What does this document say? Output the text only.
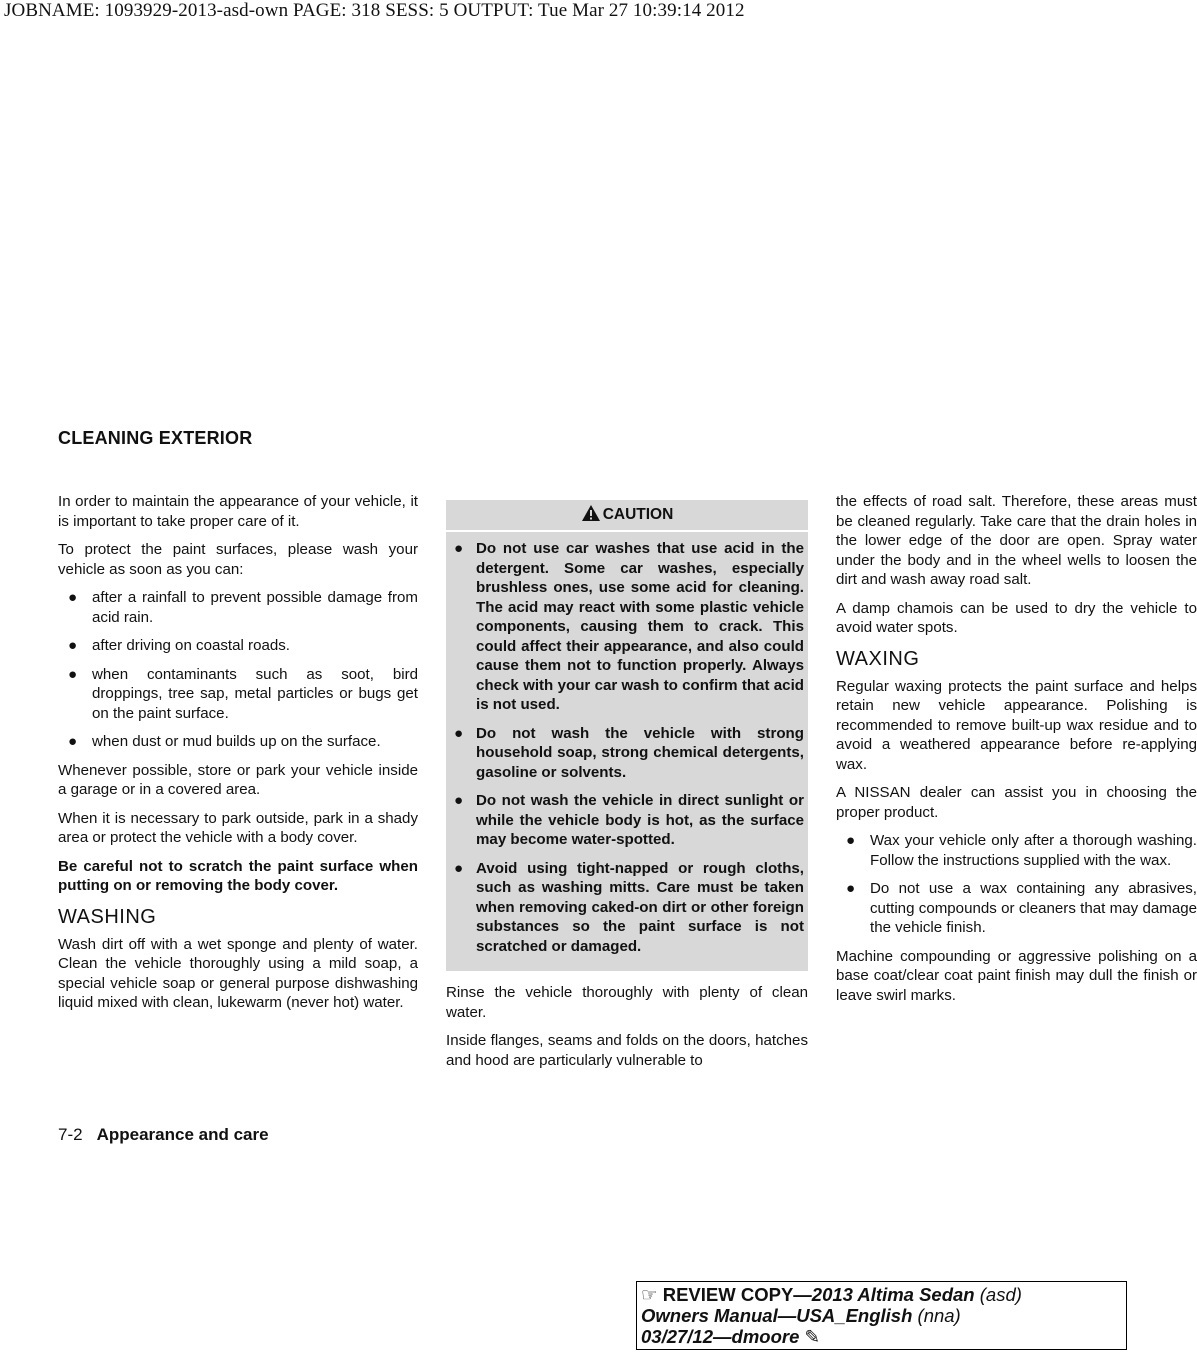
JOBNAME: 1093929-2013-asd-own PAGE: 318 SESS: 5 OUTPUT: Tue Mar 27 10:39:14 2012
CLEANING EXTERIOR

In order to maintain the appearance of your vehicle, it is important to take proper care of it.

To protect the paint surfaces, please wash your vehicle as soon as you can:

● after a rainfall to prevent possible damage from acid rain.
● after driving on coastal roads.
● when contaminants such as soot, bird droppings, tree sap, metal particles or bugs get on the paint surface.
● when dust or mud builds up on the surface.

Whenever possible, store or park your vehicle inside a garage or in a covered area.

When it is necessary to park outside, park in a shady area or protect the vehicle with a body cover.

Be careful not to scratch the paint surface when putting on or removing the body cover.

WASHING

Wash dirt off with a wet sponge and plenty of water. Clean the vehicle thoroughly using a mild soap, a special vehicle soap or general purpose dishwashing liquid mixed with clean, lukewarm (never hot) water.

CAUTION
● Do not use car washes that use acid in the detergent. Some car washes, especially brushless ones, use some acid for cleaning. The acid may react with some plastic vehicle components, causing them to crack. This could affect their appearance, and also could cause them not to function properly. Always check with your car wash to confirm that acid is not used.
● Do not wash the vehicle with strong household soap, strong chemical detergents, gasoline or solvents.
● Do not wash the vehicle in direct sunlight or while the vehicle body is hot, as the surface may become water-spotted.
● Avoid using tight-napped or rough cloths, such as washing mitts. Care must be taken when removing caked-on dirt or other foreign substances so the paint surface is not scratched or damaged.

Rinse the vehicle thoroughly with plenty of clean water.

Inside flanges, seams and folds on the doors, hatches and hood are particularly vulnerable to

the effects of road salt. Therefore, these areas must be cleaned regularly. Take care that the drain holes in the lower edge of the door are open. Spray water under the body and in the wheel wells to loosen the dirt and wash away road salt.

A damp chamois can be used to dry the vehicle to avoid water spots.

WAXING

Regular waxing protects the paint surface and helps retain new vehicle appearance. Polishing is recommended to remove built-up wax residue and to avoid a weathered appearance before re-applying wax.

A NISSAN dealer can assist you in choosing the proper product.

● Wax your vehicle only after a thorough washing. Follow the instructions supplied with the wax.
● Do not use a wax containing any abrasives, cutting compounds or cleaners that may damage the vehicle finish.

Machine compounding or aggressive polishing on a base coat/clear coat paint finish may dull the finish or leave swirl marks.

7-2 Appearance and care
☞ REVIEW COPY—2013 Altima Sedan (asd)
Owners Manual—USA_English (nna)
03/27/12—dmoore ✎
